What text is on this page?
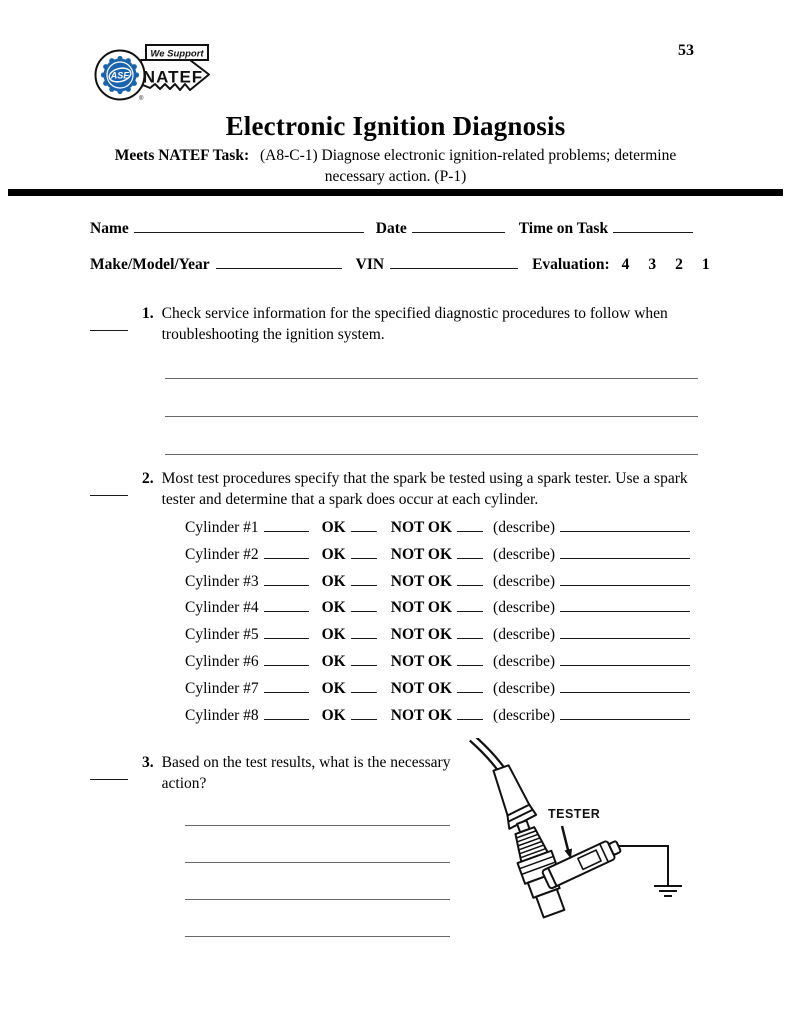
ASE
We Support
NATEF
®
53
Electronic Ignition Diagnosis
Meets NATEF Task: (A8-C-1) Diagnose electronic ignition-related problems; determine
necessary action. (P-1)
Name	Date	Time on Task
Make/Model/Year	VIN	Evaluation: 4 3 2 1
1. Check service information for the specified diagnostic procedures to follow when troubleshooting the ignition system.
2. Most test procedures specify that the spark be tested using a spark tester. Use a spark tester and determine that a spark does occur at each cylinder.
Cylinder #1	OK	NOT OK	(describe)
Cylinder #2	OK	NOT OK	(describe)
Cylinder #3	OK	NOT OK	(describe)
Cylinder #4	OK	NOT OK	(describe)
Cylinder #5	OK	NOT OK	(describe)
Cylinder #6	OK	NOT OK	(describe)
Cylinder #7	OK	NOT OK	(describe)
Cylinder #8	OK	NOT OK	(describe)
3. Based on the test results, what is the necessary action?
TESTER
